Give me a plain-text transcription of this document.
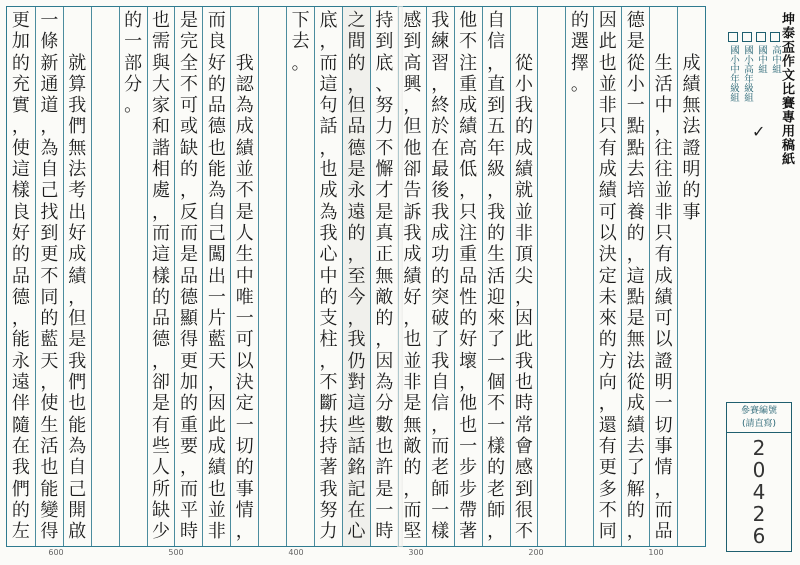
成
績
無
法
證
明
的
事

生
活
中
，
往
往
並
非
只
有
成
績
可
以
證
明
一
切
事
情
，
而
品
德
是
從
小
一
點
點
去
培
養
的
，
這
點
是
無
法
從
成
績
去
了
解
的
，
因
此
也
並
非
只
有
成
績
可
以
決
定
未
來
的
方
向
，
還
有
更
多
不
同
的
選
擇
。

從
小
我
的
成
績
就
並
非
頂
尖
，
因
此
我
也
時
常
會
感
到
很
不
自
信
，
直
到
五
年
級
，
我
的
生
活
迎
來
了
一
個
不
一
樣
的
老
師
，
他
不
注
重
成
績
高
低
，
只
注
重
品
性
的
好
壞
，
他
也
一
步
步
帶
著
我
練
習
，
終
於
在
最
後
我
成
功
的
突
破
了
我
自
信
，
而
老
師
一
樣
感
到
高
興
，
但
他
卻
告
訴
我
成
績
好
，
也
並
非
是
無
敵
的
，
而
堅
持
到
底
、
努
力
不
懈
才
是
真
正
無
敵
的
，
因
為
分
數
也
許
是
一
時
之
間
的
，
但
品
德
是
永
遠
的
，
至
今
，
我
仍
對
這
些
話
銘
記
在
心
底
，
而
這
句
話
，
也
成
為
我
心
中
的
支
柱
，
不
斷
扶
持
著
我
努
力
下
去
。

我
認
為
成
績
並
不
是
人
生
中
唯
一
可
以
決
定
一
切
的
事
情
，
而
良
好
的
品
德
也
能
為
自
己
闖
出
一
片
藍
天
，
因
此
成
績
也
並
非
是
完
全
不
可
或
缺
的
，
反
而
是
品
德
顯
得
更
加
的
重
要
，
而
平
時
也
需
與
大
家
和
諧
相
處
，
而
這
樣
的
品
德
，
卻
是
有
些
人
所
缺
少
的
一
部
分
。

就
算
我
們
無
法
考
出
好
成
績
，
但
是
我
們
也
能
為
自
己
開
啟
一
條
新
通
道
，
為
自
己
找
到
更
不
同
的
藍
天
，
使
生
活
也
能
變
得
更
加
的
充
實
，
使
這
樣
良
好
的
品
德
，
能
永
遠
伴
隨
在
我
們
的
左
600	500	400	300	200	100
坤泰盃作文比賽專用稿紙
國小中年級組 國小高年級組 國中組 高中組
✓
參賽編號
(請直寫)
2
0
4
2
6
